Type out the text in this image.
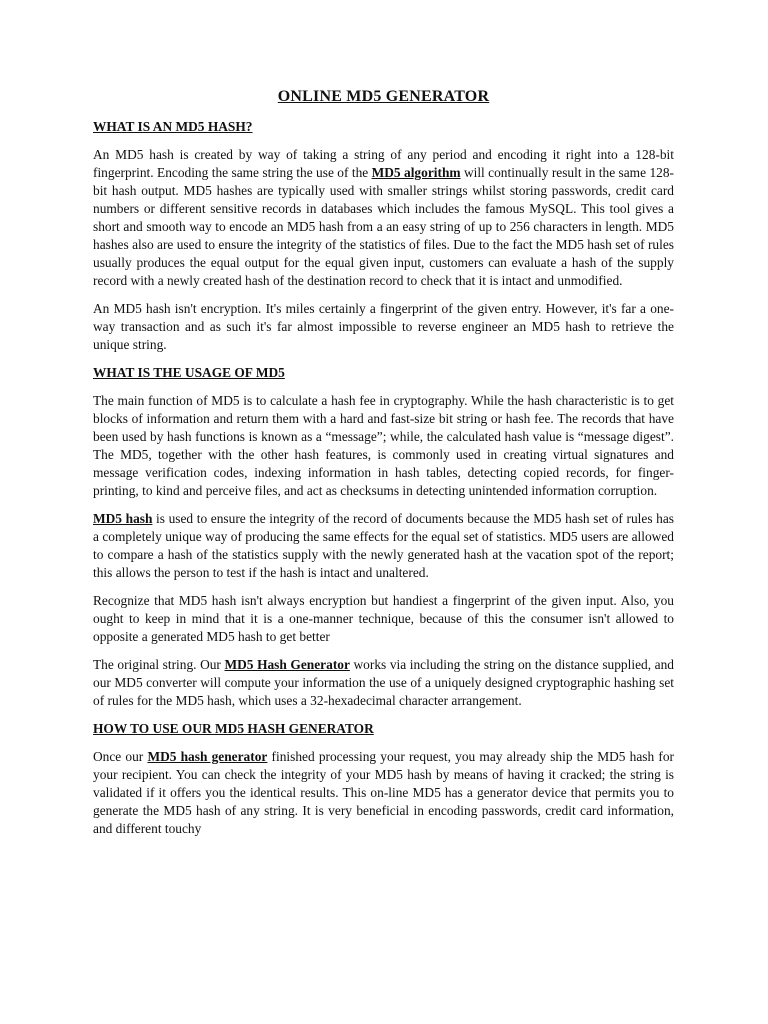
ONLINE MD5 GENERATOR
WHAT IS AN MD5 HASH?

An MD5 hash is created by way of taking a string of any period and encoding it right into a 128-bit fingerprint. Encoding the same string the use of the MD5 algorithm will continually result in the same 128-bit hash output. MD5 hashes are typically used with smaller strings whilst storing passwords, credit card numbers or different sensitive records in databases which includes the famous MySQL. This tool gives a short and smooth way to encode an MD5 hash from a an easy string of up to 256 characters in length. MD5 hashes also are used to ensure the integrity of the statistics of files. Due to the fact the MD5 hash set of rules usually produces the equal output for the equal given input, customers can evaluate a hash of the supply record with a newly created hash of the destination record to check that it is intact and unmodified.

An MD5 hash isn't encryption. It's miles certainly a fingerprint of the given entry. However, it's far a one-way transaction and as such it's far almost impossible to reverse engineer an MD5 hash to retrieve the unique string.

WHAT IS THE USAGE OF MD5

The main function of MD5 is to calculate a hash fee in cryptography. While the hash characteristic is to get blocks of information and return them with a hard and fast-size bit string or hash fee. The records that have been used by hash functions is known as a “message”; while, the calculated hash value is “message digest”. The MD5, together with the other hash features, is commonly used in creating virtual signatures and message verification codes, indexing information in hash tables, detecting copied records, for finger-printing, to kind and perceive files, and act as checksums in detecting unintended information corruption.

MD5 hash is used to ensure the integrity of the record of documents because the MD5 hash set of rules has a completely unique way of producing the same effects for the equal set of statistics. MD5 users are allowed to compare a hash of the statistics supply with the newly generated hash at the vacation spot of the report; this allows the person to test if the hash is intact and unaltered.

Recognize that MD5 hash isn't always encryption but handiest a fingerprint of the given input. Also, you ought to keep in mind that it is a one-manner technique, because of this the consumer isn't allowed to opposite a generated MD5 hash to get better

The original string. Our MD5 Hash Generator works via including the string on the distance supplied, and our MD5 converter will compute your information the use of a uniquely designed cryptographic hashing set of rules for the MD5 hash, which uses a 32-hexadecimal character arrangement.

HOW TO USE OUR MD5 HASH GENERATOR

Once our MD5 hash generator finished processing your request, you may already ship the MD5 hash for your recipient. You can check the integrity of your MD5 hash by means of having it cracked; the string is validated if it offers you the identical results. This on-line MD5 has a generator device that permits you to generate the MD5 hash of any string. It is very beneficial in encoding passwords, credit card information, and different touchy
